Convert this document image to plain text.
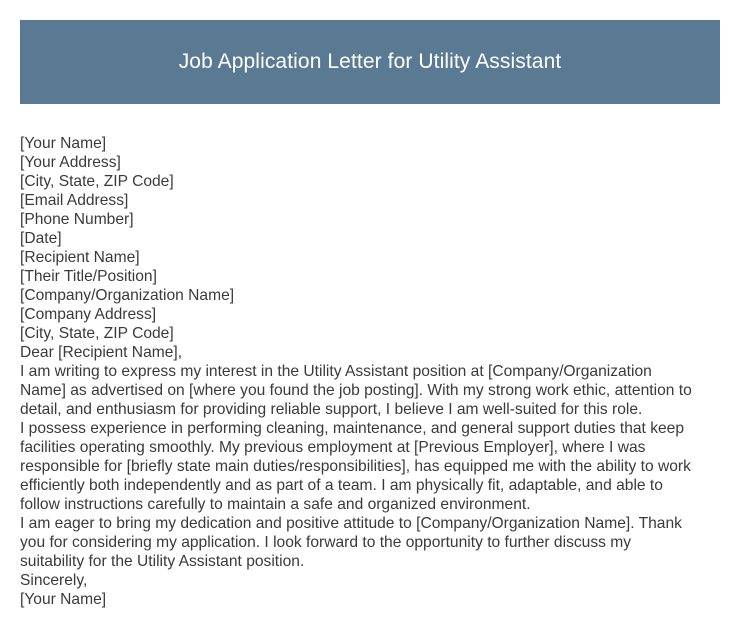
Job Application Letter for Utility Assistant
[Your Name]
[Your Address]
[City, State, ZIP Code]
[Email Address]
[Phone Number]
[Date]
[Recipient Name]
[Their Title/Position]
[Company/Organization Name]
[Company Address]
[City, State, ZIP Code]
Dear [Recipient Name],
I am writing to express my interest in the Utility Assistant position at [Company/Organization
Name] as advertised on [where you found the job posting]. With my strong work ethic, attention to
detail, and enthusiasm for providing reliable support, I believe I am well-suited for this role.
I possess experience in performing cleaning, maintenance, and general support duties that keep
facilities operating smoothly. My previous employment at [Previous Employer], where I was
responsible for [briefly state main duties/responsibilities], has equipped me with the ability to work
efficiently both independently and as part of a team. I am physically fit, adaptable, and able to
follow instructions carefully to maintain a safe and organized environment.
I am eager to bring my dedication and positive attitude to [Company/Organization Name]. Thank
you for considering my application. I look forward to the opportunity to further discuss my
suitability for the Utility Assistant position.
Sincerely,
[Your Name]
